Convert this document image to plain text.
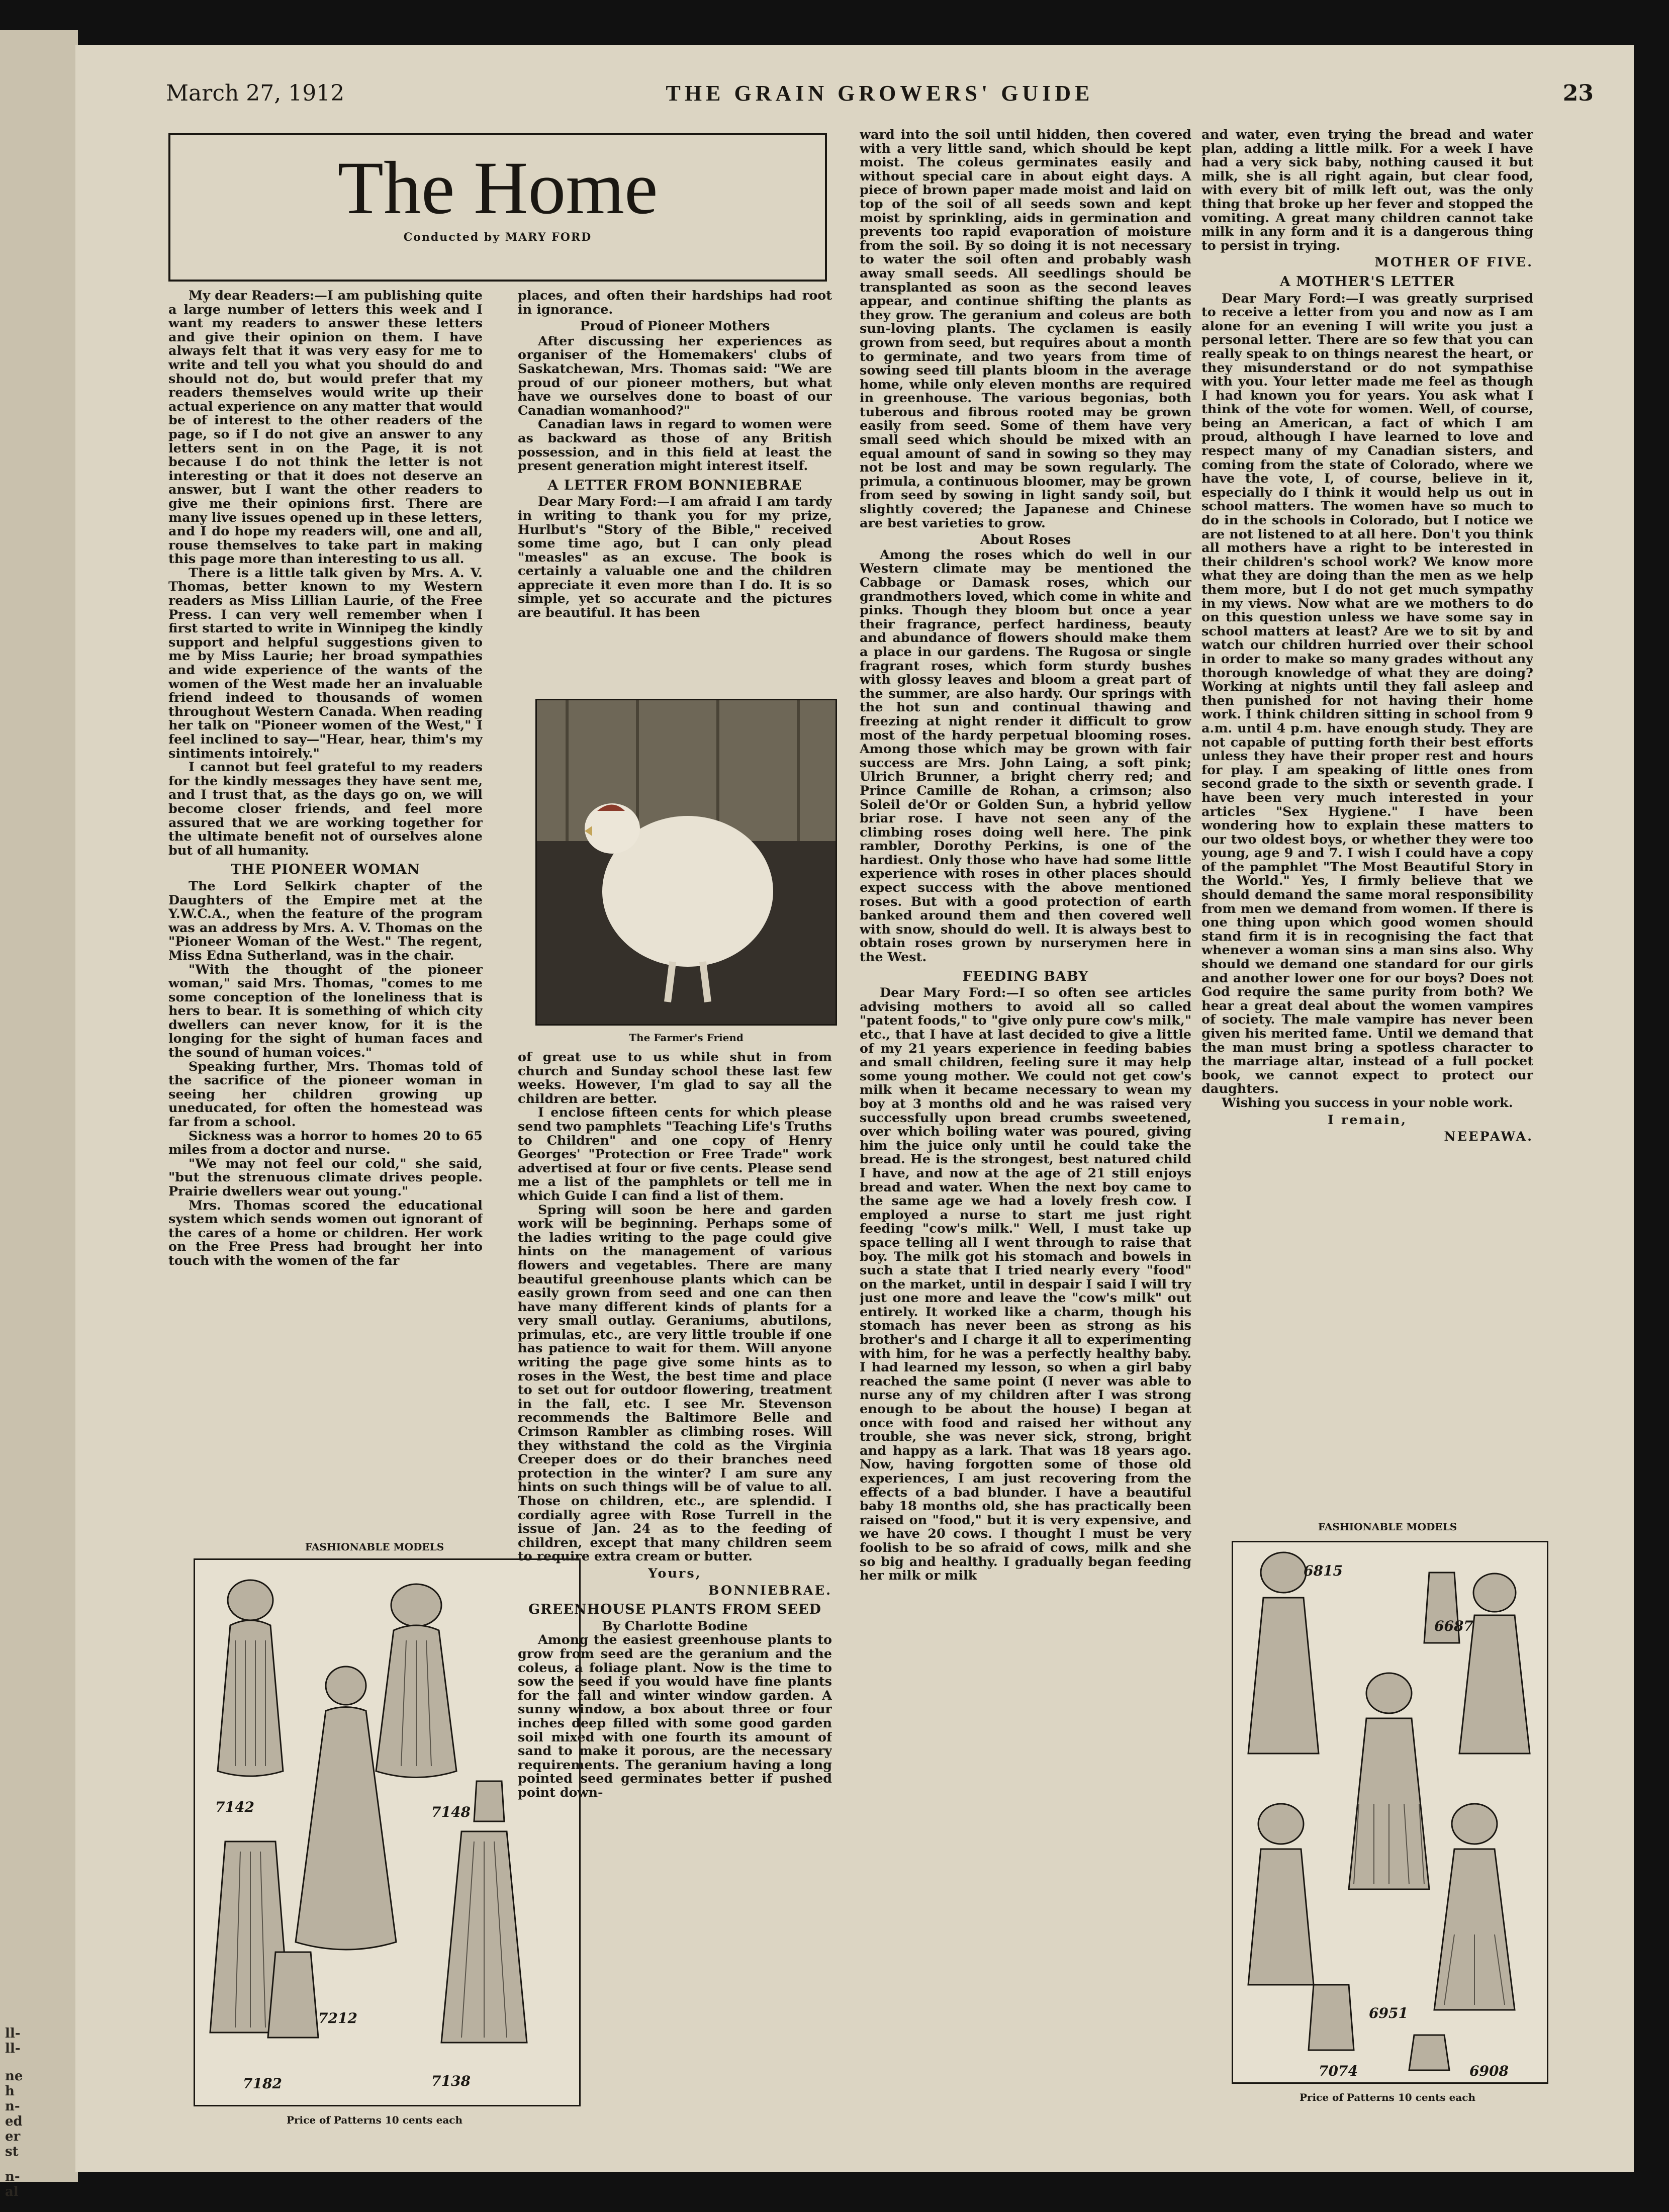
ll-
ll-
ne
h
n-
ed
er
st
n-
al
March 27, 1912	THE GRAIN GROWERS' GUIDE	23
The Home
Conducted by MARY FORD

My dear Readers:—I am publishing quite a large number of letters this week and I want my readers to answer these letters and give their opinion on them. I have always felt that it was very easy for me to write and tell you what you should do and should not do, but would prefer that my readers themselves would write up their actual experience on any matter that would be of interest to the other readers of the page, so if I do not give an answer to any letters sent in on the Page, it is not because I do not think the letter is not interesting or that it does not deserve an answer, but I want the other readers to give me their opinions first. There are many live issues opened up in these letters, and I do hope my readers will, one and all, rouse themselves to take part in making this page more than interesting to us all.

There is a little talk given by Mrs. A. V. Thomas, better known to my Western readers as Miss Lillian Laurie, of the Free Press. I can very well remember when I first started to write in Winnipeg the kindly support and helpful suggestions given to me by Miss Laurie; her broad sympathies and wide experience of the wants of the women of the West made her an invaluable friend indeed to thousands of women throughout Western Canada. When reading her talk on "Pioneer women of the West," I feel inclined to say—"Hear, hear, thim's my sintiments intoirely."

I cannot but feel grateful to my readers for the kindly messages they have sent me, and I trust that, as the days go on, we will become closer friends, and feel more assured that we are working together for the ultimate benefit not of ourselves alone but of all humanity.

THE PIONEER WOMAN

The Lord Selkirk chapter of the Daughters of the Empire met at the Y.W.C.A., when the feature of the program was an address by Mrs. A. V. Thomas on the "Pioneer Woman of the West." The regent, Miss Edna Sutherland, was in the chair.

"With the thought of the pioneer woman," said Mrs. Thomas, "comes to me some conception of the loneliness that is hers to bear. It is something of which city dwellers can never know, for it is the longing for the sight of human faces and the sound of human voices."

Speaking further, Mrs. Thomas told of the sacrifice of the pioneer woman in seeing her children growing up uneducated, for often the homestead was far from a school.

Sickness was a horror to homes 20 to 65 miles from a doctor and nurse.

"We may not feel our cold," she said, "but the strenuous climate drives people. Prairie dwellers wear out young."

Mrs. Thomas scored the educational system which sends women out ignorant of the cares of a home or children. Her work on the Free Press had brought her into touch with the women of the far

FASHIONABLE MODELS
7142	7148
7212
7182	7138
Price of Patterns 10 cents each

places, and often their hardships had root in ignorance.

Proud of Pioneer Mothers

After discussing her experiences as organiser of the Homemakers' clubs of Saskatchewan, Mrs. Thomas said: "We are proud of our pioneer mothers, but what have we ourselves done to boast of our Canadian womanhood?"

Canadian laws in regard to women were as backward as those of any British possession, and in this field at least the present generation might interest itself.

A LETTER FROM BONNIEBRAE

Dear Mary Ford:—I am afraid I am tardy in writing to thank you for my prize, Hurlbut's "Story of the Bible," received some time ago, but I can only plead "measles" as an excuse. The book is certainly a valuable one and the children appreciate it even more than I do. It is so simple, yet so accurate and the pictures are beautiful. It has been

The Farmer's Friend

of great use to us while shut in from church and Sunday school these last few weeks. However, I'm glad to say all the children are better.

I enclose fifteen cents for which please send two pamphlets "Teaching Life's Truths to Children" and one copy of Henry Georges' "Protection or Free Trade" work advertised at four or five cents. Please send me a list of the pamphlets or tell me in which Guide I can find a list of them.

Spring will soon be here and garden work will be beginning. Perhaps some of the ladies writing to the page could give hints on the management of various flowers and vegetables. There are many beautiful greenhouse plants which can be easily grown from seed and one can then have many different kinds of plants for a very small outlay. Geraniums, abutilons, primulas, etc., are very little trouble if one has patience to wait for them. Will anyone writing the page give some hints as to roses in the West, the best time and place to set out for outdoor flowering, treatment in the fall, etc. I see Mr. Stevenson recommends the Baltimore Belle and Crimson Rambler as climbing roses. Will they withstand the cold as the Virginia Creeper does or do their branches need protection in the winter? I am sure any hints on such things will be of value to all. Those on children, etc., are splendid. I cordially agree with Rose Turrell in the issue of Jan. 24 as to the feeding of children, except that many children seem to require extra cream or butter.

Yours,
BONNIEBRAE.
GREENHOUSE PLANTS FROM SEED

By Charlotte Bodine

Among the easiest greenhouse plants to grow from seed are the geranium and the coleus, a foliage plant. Now is the time to sow the seed if you would have fine plants for the fall and winter window garden. A sunny window, a box about three or four inches deep filled with some good garden soil mixed with one fourth its amount of sand to make it porous, are the necessary requirements. The geranium having a long pointed seed germinates better if pushed point down-

ward into the soil until hidden, then covered with a very little sand, which should be kept moist. The coleus germinates easily and without special care in about eight days. A piece of brown paper made moist and laid on top of the soil of all seeds sown and kept moist by sprinkling, aids in germination and prevents too rapid evaporation of moisture from the soil. By so doing it is not necessary to water the soil often and probably wash away small seeds. All seedlings should be transplanted as soon as the second leaves appear, and continue shifting the plants as they grow. The geranium and coleus are both sun-loving plants. The cyclamen is easily grown from seed, but requires about a month to germinate, and two years from time of sowing seed till plants bloom in the average home, while only eleven months are required in greenhouse. The various begonias, both tuberous and fibrous rooted may be grown easily from seed. Some of them have very small seed which should be mixed with an equal amount of sand in sowing so they may not be lost and may be sown regularly. The primula, a continuous bloomer, may be grown from seed by sowing in light sandy soil, but slightly covered; the Japanese and Chinese are best varieties to grow.

About Roses

Among the roses which do well in our Western climate may be mentioned the Cabbage or Damask roses, which our grandmothers loved, which come in white and pinks. Though they bloom but once a year their fragrance, perfect hardiness, beauty and abundance of flowers should make them a place in our gardens. The Rugosa or single fragrant roses, which form sturdy bushes with glossy leaves and bloom a great part of the summer, are also hardy. Our springs with the hot sun and continual thawing and freezing at night render it difficult to grow most of the hardy perpetual blooming roses. Among those which may be grown with fair success are Mrs. John Laing, a soft pink; Ulrich Brunner, a bright cherry red; and Prince Camille de Rohan, a crimson; also Soleil de'Or or Golden Sun, a hybrid yellow briar rose. I have not seen any of the climbing roses doing well here. The pink rambler, Dorothy Perkins, is one of the hardiest. Only those who have had some little experience with roses in other places should expect success with the above mentioned roses. But with a good protection of earth banked around them and then covered well with snow, should do well. It is always best to obtain roses grown by nurserymen here in the West.

FEEDING BABY

Dear Mary Ford:—I so often see articles advising mothers to avoid all so called "patent foods," to "give only pure cow's milk," etc., that I have at last decided to give a little of my 21 years experience in feeding babies and small children, feeling sure it may help some young mother. We could not get cow's milk when it became necessary to wean my boy at 3 months old and he was raised very successfully upon bread crumbs sweetened, over which boiling water was poured, giving him the juice only until he could take the bread. He is the strongest, best natured child I have, and now at the age of 21 still enjoys bread and water. When the next boy came to the same age we had a lovely fresh cow. I employed a nurse to start me just right feeding "cow's milk." Well, I must take up space telling all I went through to raise that boy. The milk got his stomach and bowels in such a state that I tried nearly every "food" on the market, until in despair I said I will try just one more and leave the "cow's milk" out entirely. It worked like a charm, though his stomach has never been as strong as his brother's and I charge it all to experimenting with him, for he was a perfectly healthy baby. I had learned my lesson, so when a girl baby reached the same point (I never was able to nurse any of my children after I was strong enough to be about the house) I began at once with food and raised her without any trouble, she was never sick, strong, bright and happy as a lark. That was 18 years ago. Now, having forgotten some of those old experiences, I am just recovering from the effects of a bad blunder. I have a beautiful baby 18 months old, she has practically been raised on "food," but it is very expensive, and we have 20 cows. I thought I must be very foolish to be so afraid of cows, milk and she so big and healthy. I gradually began feeding her milk or milk

and water, even trying the bread and water plan, adding a little milk. For a week I have had a very sick baby, nothing caused it but milk, she is all right again, but clear food, with every bit of milk left out, was the only thing that broke up her fever and stopped the vomiting. A great many children cannot take milk in any form and it is a dangerous thing to persist in trying.

MOTHER OF FIVE.
A MOTHER'S LETTER

Dear Mary Ford:—I was greatly surprised to receive a letter from you and now as I am alone for an evening I will write you just a personal letter. There are so few that you can really speak to on things nearest the heart, or they misunderstand or do not sympathise with you. Your letter made me feel as though I had known you for years. You ask what I think of the vote for women. Well, of course, being an American, a fact of which I am proud, although I have learned to love and respect many of my Canadian sisters, and coming from the state of Colorado, where we have the vote, I, of course, believe in it, especially do I think it would help us out in school matters. The women have so much to do in the schools in Colorado, but I notice we are not listened to at all here. Don't you think all mothers have a right to be interested in their children's school work? We know more what they are doing than the men as we help them more, but I do not get much sympathy in my views. Now what are we mothers to do on this question unless we have some say in school matters at least? Are we to sit by and watch our children hurried over their school in order to make so many grades without any thorough knowledge of what they are doing? Working at nights until they fall asleep and then punished for not having their home work. I think children sitting in school from 9 a.m. until 4 p.m. have enough study. They are not capable of putting forth their best efforts unless they have their proper rest and hours for play. I am speaking of little ones from second grade to the sixth or seventh grade. I have been very much interested in your articles "Sex Hygiene." I have been wondering how to explain these matters to our two oldest boys, or whether they were too young, age 9 and 7. I wish I could have a copy of the pamphlet "The Most Beautiful Story in the World." Yes, I firmly believe that we should demand the same moral responsibility from men we demand from women. If there is one thing upon which good women should stand firm it is in recognising the fact that whenever a woman sins a man sins also. Why should we demand one standard for our girls and another lower one for our boys? Does not God require the same purity from both? We hear a great deal about the women vampires of society. The male vampire has never been given his merited fame. Until we demand that the man must bring a spotless character to the marriage altar, instead of a full pocket book, we cannot expect to protect our daughters.

Wishing you success in your noble work.

I remain,
NEEPAWA.
FASHIONABLE MODELS
6815
6687
6951
7074	6908
Price of Patterns 10 cents each
